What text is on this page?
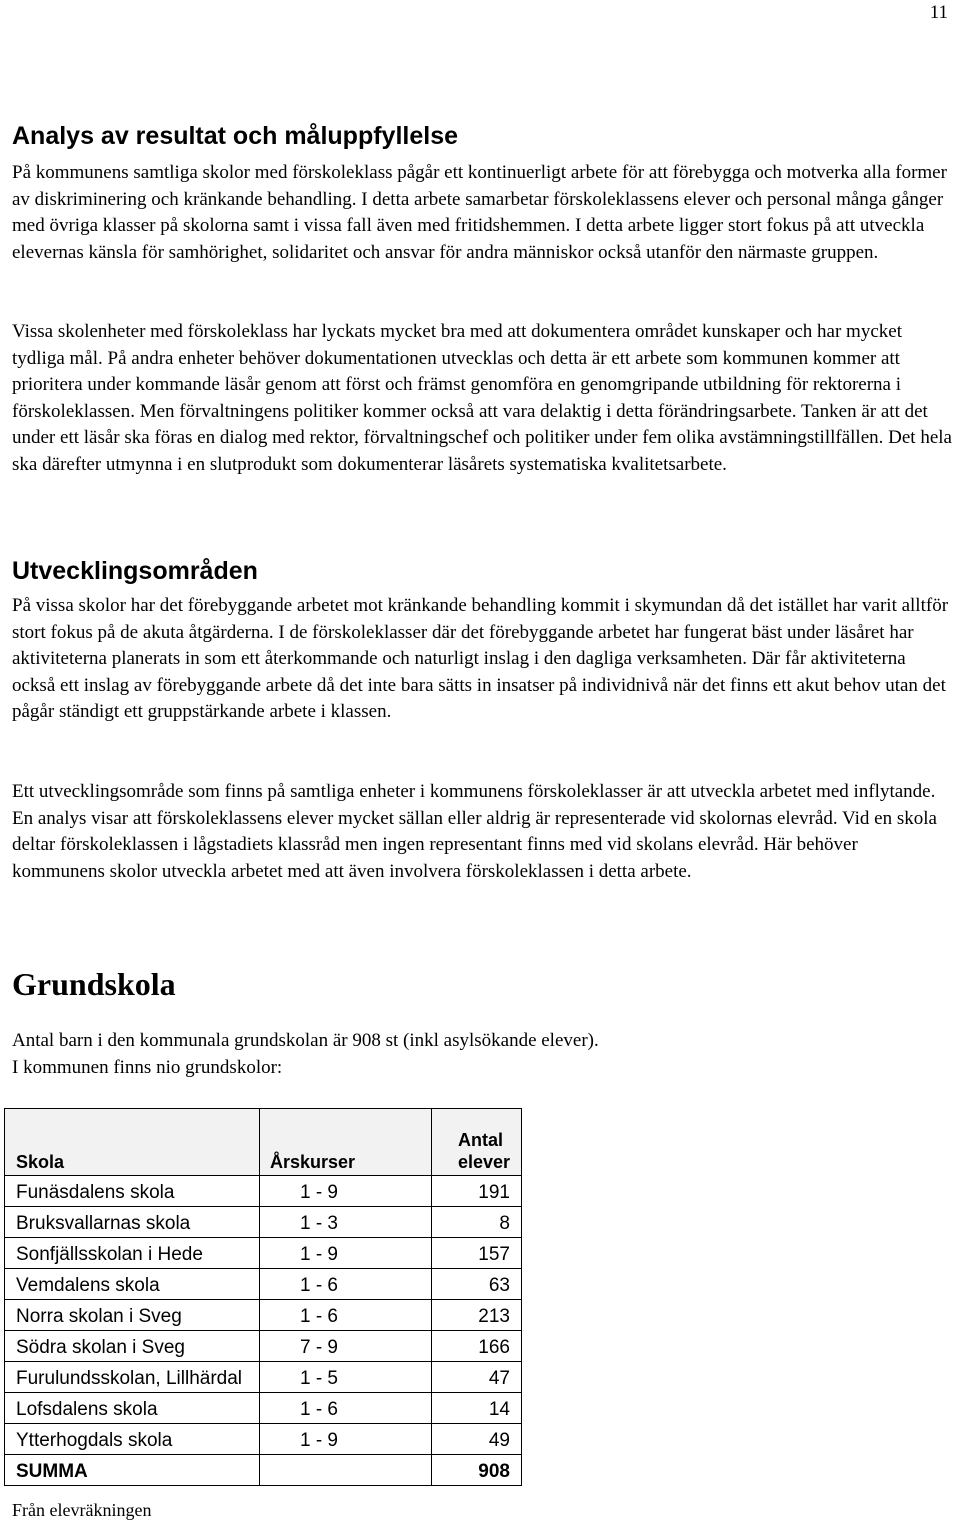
11
Analys av resultat och måluppfyllelse

På kommunens samtliga skolor med förskoleklass pågår ett kontinuerligt arbete för att förebygga och motverka alla former av diskriminering och kränkande behandling. I detta arbete samarbetar förskoleklassens elever och personal många gånger med övriga klasser på skolorna samt i vissa fall även med fritidshemmen. I detta arbete ligger stort fokus på att utveckla elevernas känsla för samhörighet, solidaritet och ansvar för andra människor också utanför den närmaste gruppen.

Vissa skolenheter med förskoleklass har lyckats mycket bra med att dokumentera området kunskaper och har mycket tydliga mål. På andra enheter behöver dokumentationen utvecklas och detta är ett arbete som kommunen kommer att prioritera under kommande läsår genom att först och främst genomföra en genomgripande utbildning för rektorerna i förskoleklassen. Men förvaltningens politiker kommer också att vara delaktig i detta förändringsarbete. Tanken är att det under ett läsår ska föras en dialog med rektor, förvaltningschef och politiker under fem olika avstämningstillfällen. Det hela ska därefter utmynna i en slutprodukt som dokumenterar läsårets systematiska kvalitetsarbete.

Utvecklingsområden

På vissa skolor har det förebyggande arbetet mot kränkande behandling kommit i skymundan då det istället har varit alltför stort fokus på de akuta åtgärderna. I de förskoleklasser där det förebyggande arbetet har fungerat bäst under läsåret har aktiviteterna planerats in som ett återkommande och naturligt inslag i den dagliga verksamheten. Där får aktiviteterna också ett inslag av förebyggande arbete då det inte bara sätts in insatser på individnivå när det finns ett akut behov utan det pågår ständigt ett gruppstärkande arbete i klassen.

Ett utvecklingsområde som finns på samtliga enheter i kommunens förskoleklasser är att utveckla arbetet med inflytande. En analys visar att förskoleklassens elever mycket sällan eller aldrig är representerade vid skolornas elevråd. Vid en skola deltar förskoleklassen i lågstadiets klassråd men ingen representant finns med vid skolans elevråd. Här behöver kommunens skolor utveckla arbetet med att även involvera förskoleklassen i detta arbete.

Grundskola

Antal barn i den kommunala grundskolan är 908 st (inkl asylsökande elever).

I kommunen finns nio grundskolor:

Skola	Årskurser	Antal elever
Funäsdalens skola	1 - 9	191
Bruksvallarnas skola	1 - 3	8
Sonfjällsskolan i Hede	1 - 9	157
Vemdalens skola	1 - 6	63
Norra skolan i Sveg	1 - 6	213
Södra skolan i Sveg	7 - 9	166
Furulundsskolan, Lillhärdal	1 - 5	47
Lofsdalens skola	1 - 6	14
Ytterhogdals skola	1 - 9	49
SUMMA		908
Från elevräkningen
